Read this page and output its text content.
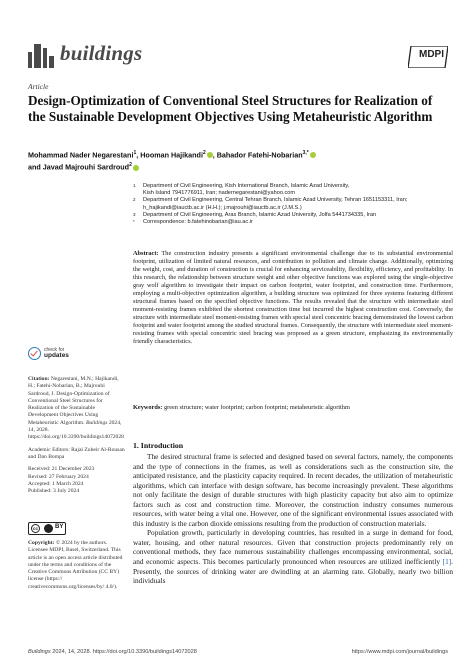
buildings	MDPI
Article
Design-Optimization of Conventional Steel Structures for Realization of the Sustainable Development Objectives Using Metaheuristic Algorithm
Mohammad Nader Negarestani$^1$, Hooman Hajikandi$^2$ , Bahador Fatehi-Nobarian$^{3,*}$
and Javad Majrouhi Sardroud$^2$
1 Department of Civil Engineering, Kish International Branch, Islamic Azad University,
Kish Island 7941776911, Iran; nadernegarestani@yahoo.com
2 Department of Civil Engineering, Central Tehran Branch, Islamic Azad University, Tehran 1651153311, Iran;
h_hajikandi@iauctb.ac.ir (H.H.); j.majrouhi@iauctb.ac.ir (J.M.S.)
3 Department of Civil Engineering, Aras Branch, Islamic Azad University, Jolfa 5441734335, Iran
* Correspondence: b.fatehinobarian@iau.ac.ir
Abstract: The construction industry presents a significant environmental challenge due to its substantial environmental footprint, utilization of limited natural resources, and contribution to pollution and climate change. Additionally, optimizing the weight, cost, and duration of construction is crucial for enhancing serviceability, flexibility, efficiency, and profitability. In this research, the relationship between structure weight and other objective functions was explored using the single-objective gray wolf algorithm to investigate their impact on carbon footprint, water footprint, and construction time. Furthermore, employing a multi-objective optimization algorithm, a building structure was optimized for three systems featuring different structural frames based on the specified objective functions. The results revealed that the structure with intermediate steel moment-resisting frames exhibited the shortest construction time but incurred the highest construction cost. Conversely, the structure with intermediate steel moment-resisting frames with special steel concentric bracing demonstrated the lowest carbon footprint and water footprint among the studied structural frames. Consequently, the structure with intermediate steel moment-resisting frames with special concentric steel bracing was proposed as a green structure, emphasizing its environmentally friendly characteristics.
Keywords: green structure; water footprint; carbon footprint; metaheuristic algorithm
check for
updates

Citation: Negarestani, M.N.; Hajikandi, H.; Fatehi-Nobarian, B.; Majrouhi Sardroud, J. Design-Optimization of Conventional Steel Structures for Realization of the Sustainable Development Objectives Using Metaheuristic Algorithm. Buildings 2024, 14, 2028. https://doi.org/10.3390/buildings14072028

Academic Editors: Rajai Zuheir Al-Rousan and Dan Bompa

Received: 21 December 2023

Revised: 27 February 2024

Accepted: 1 March 2024

Published: 3 July 2024

cc	BY
Copyright: © 2024 by the authors. Licensee MDPI, Basel, Switzerland. This article is an open access article distributed under the terms and conditions of the Creative Commons Attribution (CC BY) license (https:// creativecommons.org/licenses/by/ 4.0/).
1. Introduction

The desired structural frame is selected and designed based on several factors, namely, the components and the type of connections in the frames, as well as considerations such as the construction site, the anticipated resistance, and the plasticity capacity required. In recent decades, the utilization of metaheuristic algorithms, which can interface with design software, has become increasingly prevalent. These algorithms not only facilitate the design of durable structures with high plasticity capacity but also aim to optimize factors such as cost and construction time. Moreover, the construction industry consumes numerous resources, with water being a vital one. However, one of the significant environmental issues associated with this industry is the carbon dioxide emissions resulting from the production of construction materials.

Population growth, particularly in developing countries, has resulted in a surge in demand for food, water, housing, and other natural resources. Given that construction projects predominantly rely on conventional methods, they face numerous sustainability challenges encompassing environmental, social, and economic aspects. This becomes particularly pronounced when resources are utilized inefficiently [1]. Presently, the sources of drinking water are dwindling at an alarming rate. Globally, nearly two billion individuals

Buildings 2024, 14, 2028. https://doi.org/10.3390/buildings14072028	https://www.mdpi.com/journal/buildings
